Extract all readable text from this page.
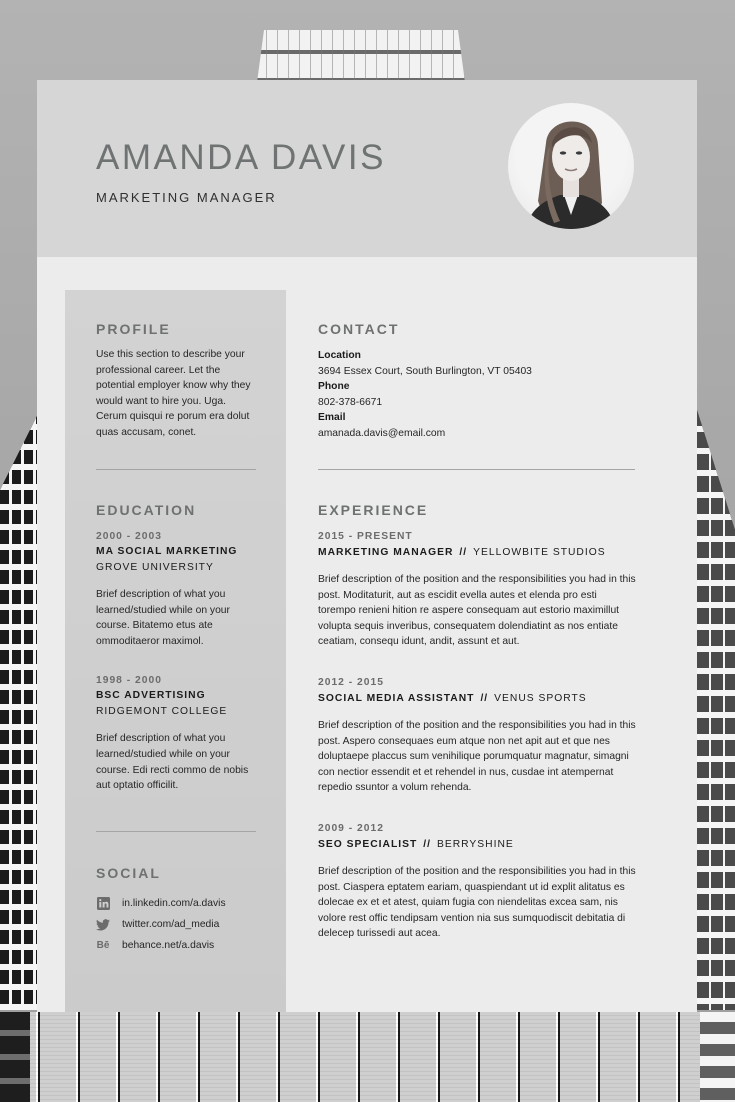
AMANDA DAVIS
MARKETING MANAGER
PROFILE
Use this section to describe your professional career. Let the potential employer know why they would want to hire you. Uga. Cerum quisqui re porum era dolut quas accusam, conet.
EDUCATION
2000 - 2003
MA SOCIAL MARKETING
GROVE UNIVERSITY
Brief description of what you learned/studied while on your course. Bitatemo etus ate ommoditaeror maximol.
1998 - 2000
BSC ADVERTISING
RIDGEMONT COLLEGE
Brief description of what you learned/studied while on your course. Edi recti commo de nobis aut optatio officilit.
SOCIAL
in.linkedin.com/a.davis
twitter.com/ad_media
Bē behance.net/a.davis
CONTACT
Location
3694 Essex Court, South Burlington, VT 05403
Phone
802-378-6671
Email
amanada.davis@email.com
EXPERIENCE
2015 - PRESENT
MARKETING MANAGER // YELLOWBITE STUDIOS
Brief description of the position and the responsibilities you had in this post. Moditaturit, aut as escidit evella autes et elenda pro esti torempo renieni hition re aspere consequam aut estorio maximillut volupta sequis inveribus, consequatem dolendiatint as nos entiate ceatiam, consequ idunt, andit, assunt et aut.
2012 - 2015
SOCIAL MEDIA ASSISTANT // VENUS SPORTS
Brief description of the position and the responsibilities you had in this post. Aspero consequaes eum atque non net apit aut et que nes doluptaepe placcus sum venihilique porumquatur magnatur, simagni con nectior essendit et et rehendel in nus, cusdae int atempernat repedio ssuntor a volum rehenda.
2009 - 2012
SEO SPECIALIST // BERRYSHINE
Brief description of the position and the responsibilities you had in this post. Ciaspera eptatem eariam, quaspiendant ut id explit alitatus es dolecae ex et et atest, quiam fugia con niendelitas excea sam, nis volore rest offic tendipsam vention nia sus sumquodiscit debitatia di delecep turissedi aut acea.
